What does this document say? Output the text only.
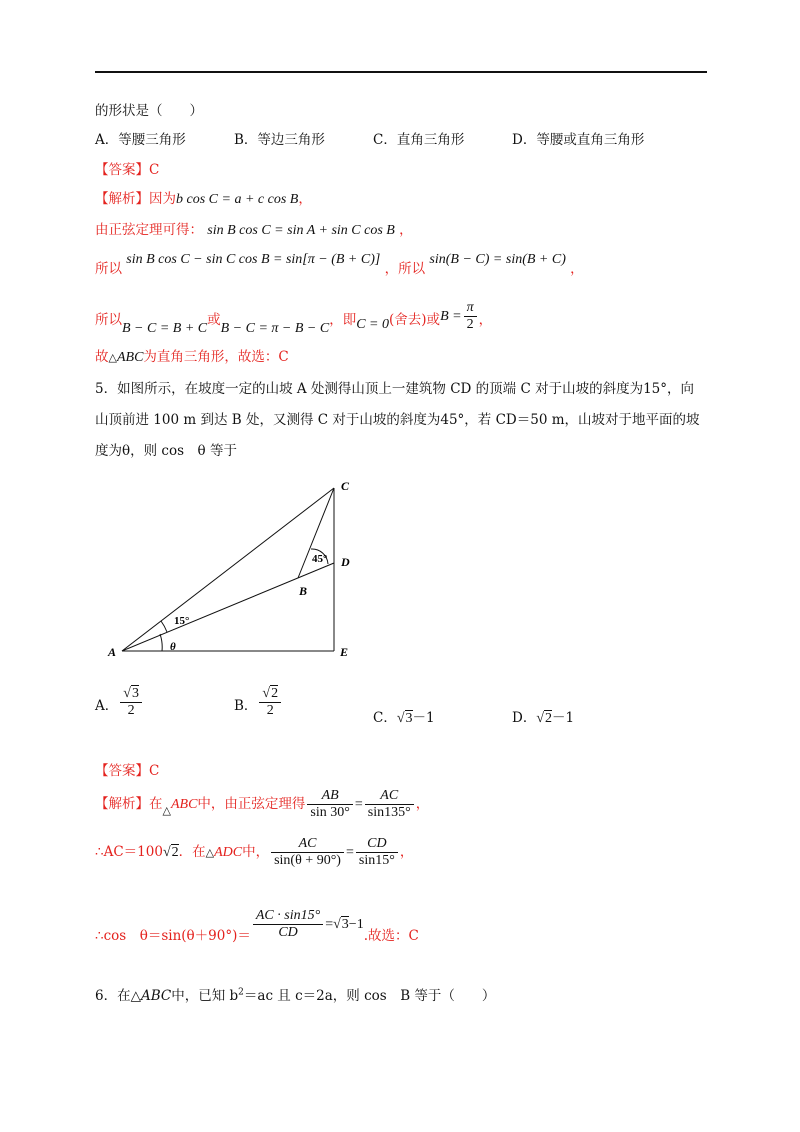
的形状是（　　）
A．等腰三角形	B．等边三角形	C．直角三角形	D．等腰或直角三角形
【答案】C
【解析】因为b cos C = a + c cos B，
由正弦定理可得： sin B cos C = sin A + sin C cos B ，
所以 sin B cos C − sin C cos B = sin[π − (B + C)] ，所以 sin(B − C) = sin(B + C) ，
所以B − C = B + C或B − C = π − B − C，即C = 0(舍去)或$B = \frac{\pi}{2}$ ，
故△ABC为直角三角形，故选：C
5．如图所示，在坡度一定的山坡 A 处测得山顶上一建筑物 CD 的顶端 C 对于山坡的斜度为15°，向
山顶前进 100 m 到达 B 处，又测得 C 对于山坡的斜度为45°，若 CD＝50 m，山坡对于地平面的坡
度为θ，则 cos　θ 等于
A
B
C
D
E
15°
45°
θ
A． $\frac{√3}{2}$	B． $\frac{√2}{2}$	C．√3－1	D．√2－1
【答案】C
【解析】在$_\triangle$ABC中，由正弦定理得 $\frac{AB}{\sin 30^\circ} = \frac{AC}{\sin 135^\circ}$ ，
∴AC＝100√2．在△ADC中， $\frac{AC}{\sin(\theta + 90^\circ)} = \frac{CD}{\sin 15^\circ}$ ，
∴cos　$\theta=\sin(\theta+90^\circ)= \frac{AC \cdot \sin 15^\circ}{CD} =√3-1$.故选：C
6．在△ABC中，已知 $b^2=ac$ 且 c＝2a，则 cos　B 等于（　　）
